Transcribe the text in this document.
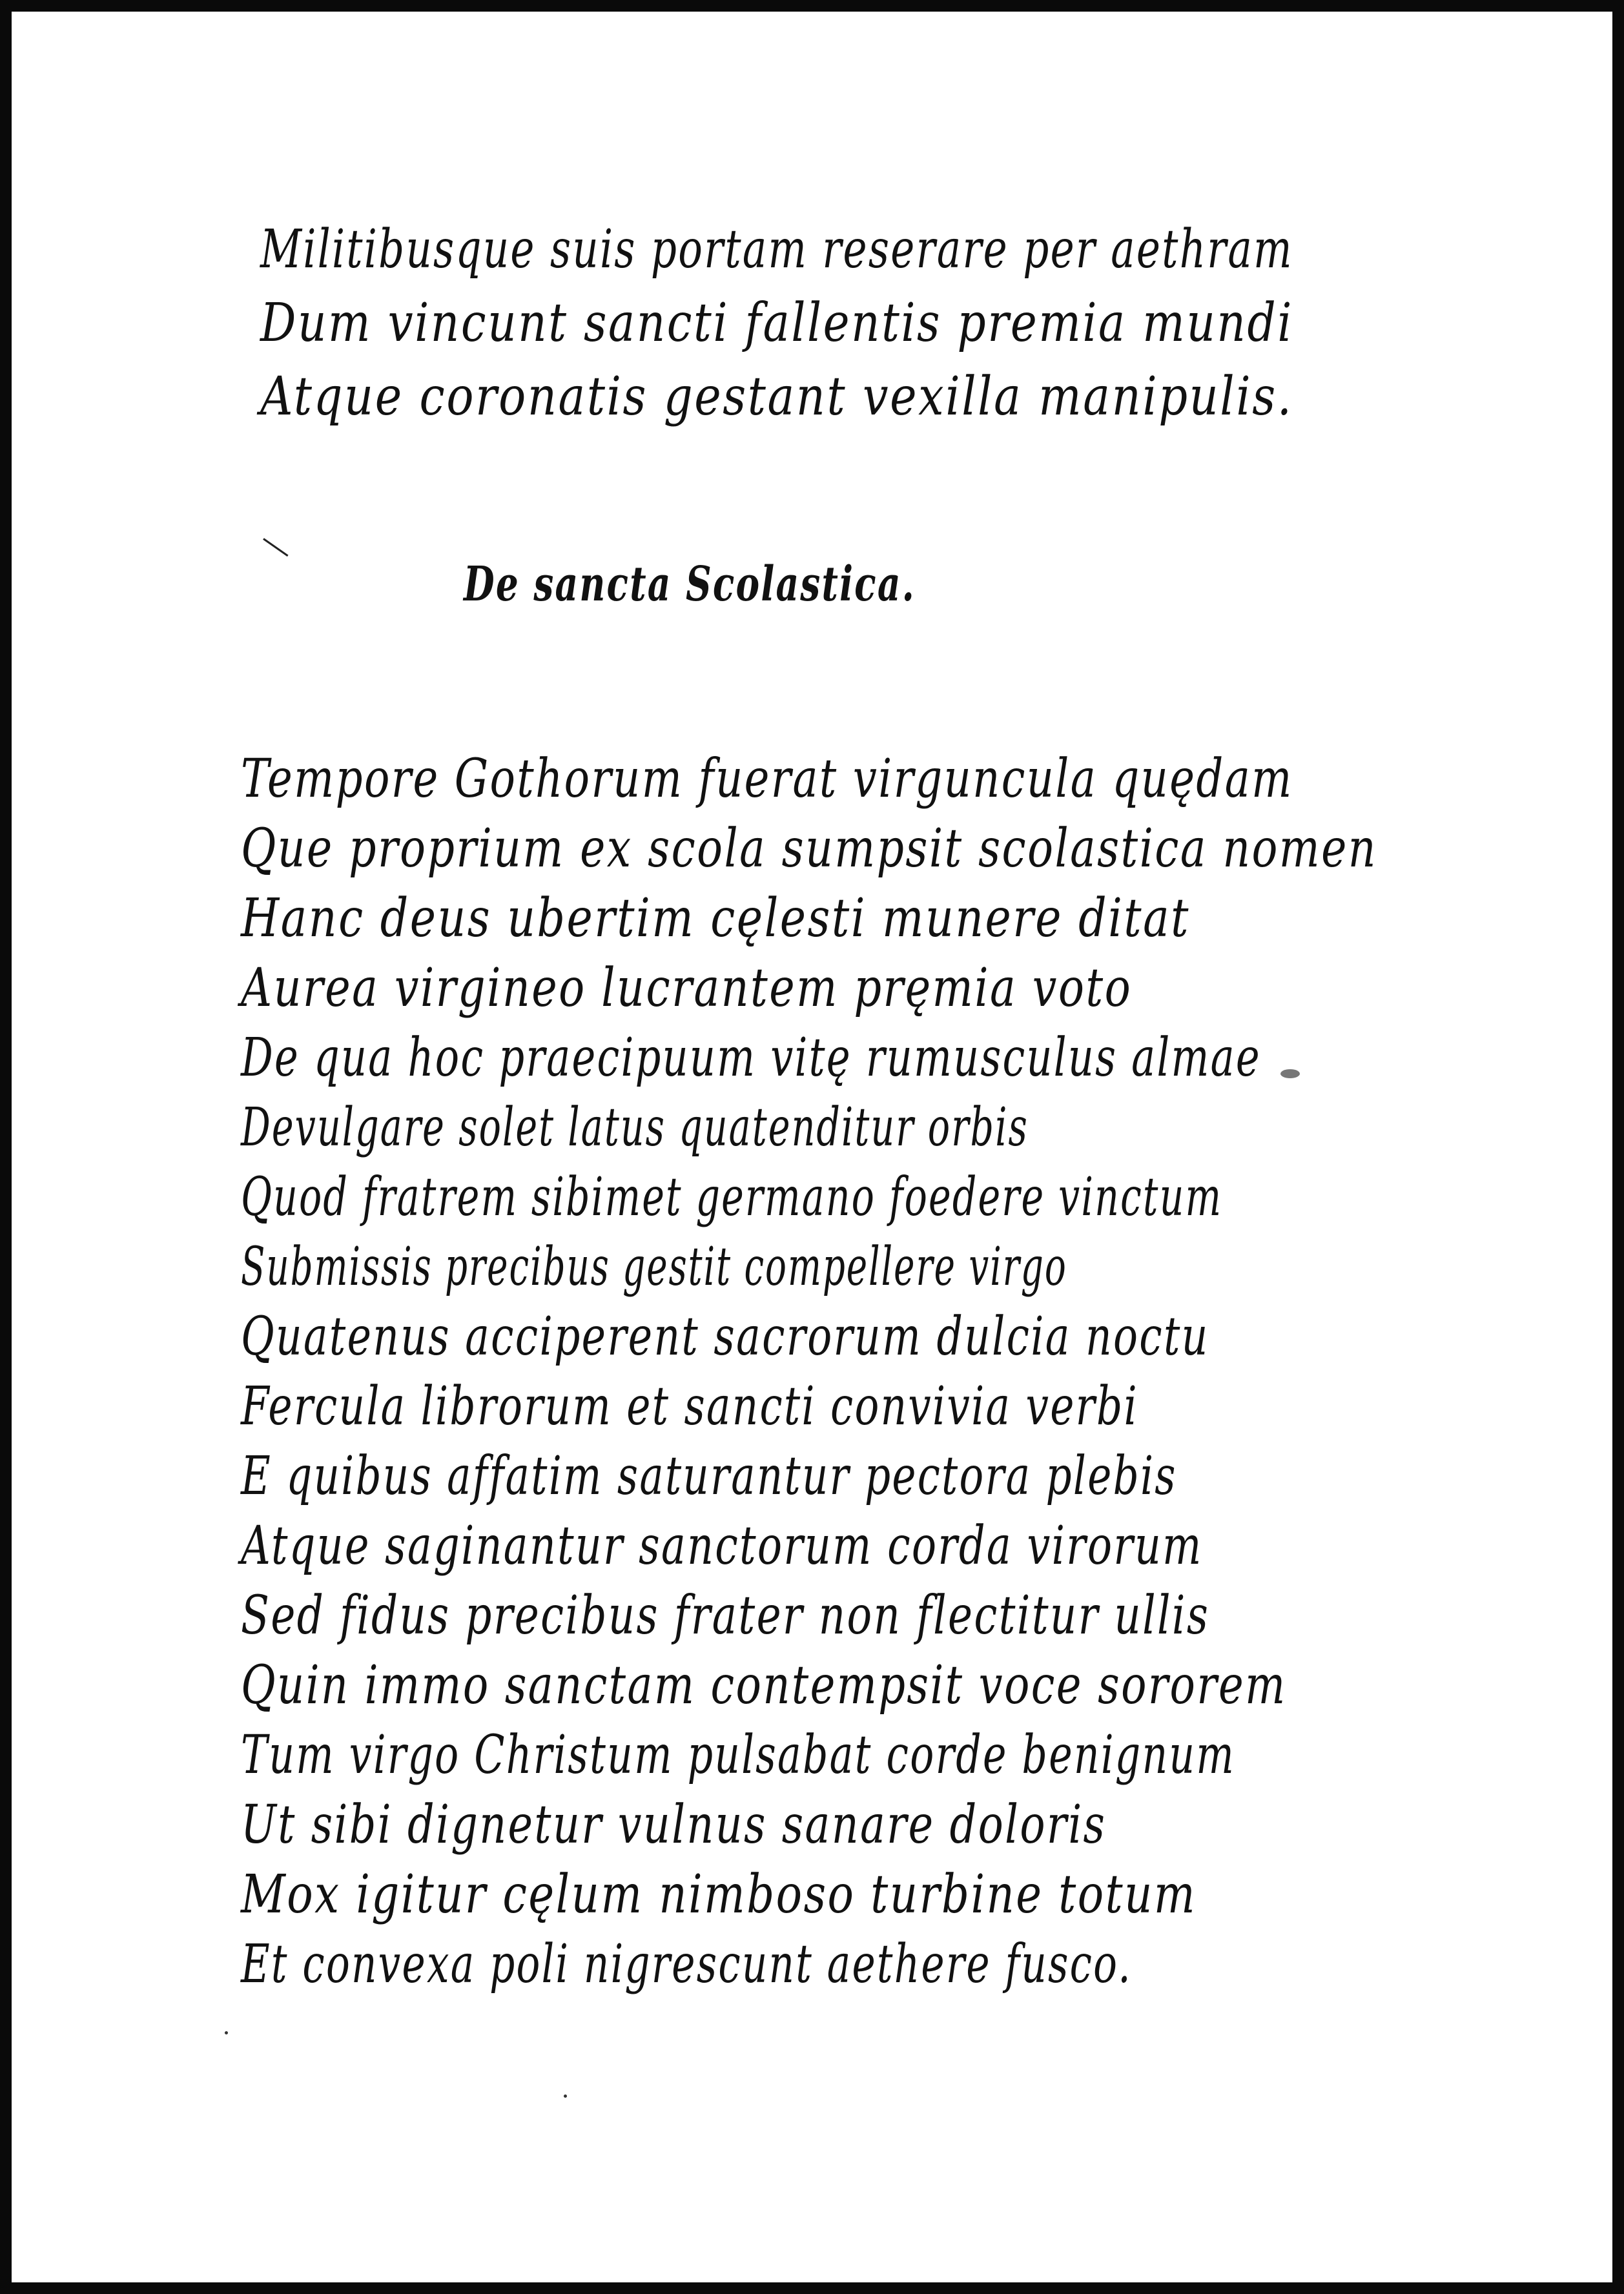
Militibusque suis portam reserare per aethram

Dum vincunt sancti fallentis premia mundi

Atque coronatis gestant vexilla manipulis.

De sancta Scolastica.

Tempore Gothorum fuerat virguncula quędam

Que proprium ex scola sumpsit scolastica nomen

Hanc deus ubertim cęlesti munere ditat

Aurea virgineo lucrantem pręmia voto

De qua hoc praecipuum vitę rumusculus almae

Devulgare solet latus quatenditur orbis

Quod fratrem sibimet germano foedere vinctum

Submissis precibus gestit compellere virgo

Quatenus acciperent sacrorum dulcia noctu

Fercula librorum et sancti convivia verbi

E quibus affatim saturantur pectora plebis

Atque saginantur sanctorum corda virorum

Sed fidus precibus frater non flectitur ullis

Quin immo sanctam contempsit voce sororem

Tum virgo Christum pulsabat corde benignum

Ut sibi dignetur vulnus sanare doloris

Mox igitur cęlum nimboso turbine totum

Et convexa poli nigrescunt aethere fusco.
